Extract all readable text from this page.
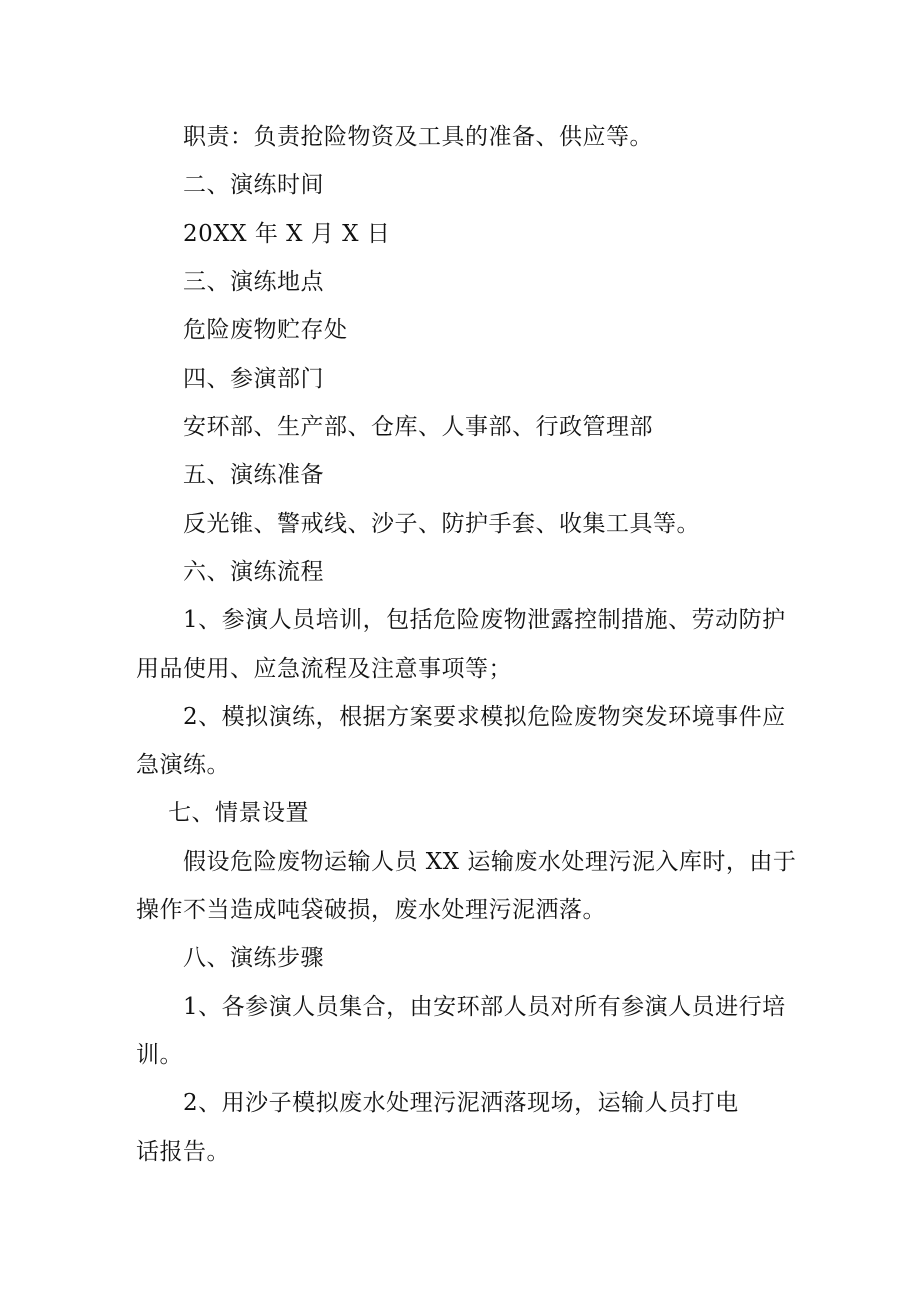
职责：负责抢险物资及工具的准备、供应等。
二、演练时间
20XX 年 X 月 X 日
三、演练地点
危险废物贮存处
四、参演部门
安环部、生产部、仓库、人事部、行政管理部
五、演练准备
反光锥、警戒线、沙子、防护手套、收集工具等。
六、演练流程
1、参演人员培训，包括危险废物泄露控制措施、劳动防护
用品使用、应急流程及注意事项等；
2、模拟演练，根据方案要求模拟危险废物突发环境事件应
急演练。
七、情景设置
假设危险废物运输人员 XX 运输废水处理污泥入库时，由于
操作不当造成吨袋破损，废水处理污泥洒落。
八、演练步骤
1、各参演人员集合，由安环部人员对所有参演人员进行培
训。
2、用沙子模拟废水处理污泥洒落现场，运输人员打电
话报告。
